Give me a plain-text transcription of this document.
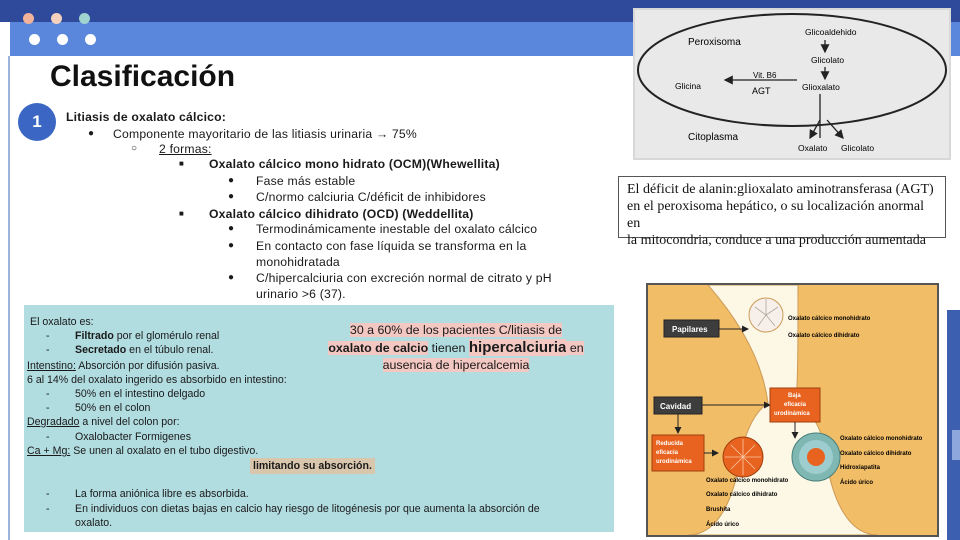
Clasificación
1	Litiasis de oxalato cálcico:
● Componente mayoritario de las litiasis urinaria → 75%
○ 2 formas:
■ Oxalato cálcico mono hidrato (OCM)(Whewellita)
● Fase más estable
● C/normo calciuria C/déficit de inhibidores
■ Oxalato cálcico dihidrato (OCD) (Weddellita)
● Termodinámicamente inestable del oxalato cálcico
● En contacto con fase líquida se transforma en la
monohidratada
● C/hipercalciuria con excreción normal de citrato y pH
urinario >6 (37).
El oxalato es:
- Filtrado por el glomérulo renal
- Secretado en el túbulo renal.
Intenstino: Absorción por difusión pasiva.
6 al 14% del oxalato ingerido es absorbido en intestino:
- 50% en el intestino delgado
- 50% en el colon
Degradado a nivel del colon por:
- Oxalobacter Formigenes
Ca + Mg: Se unen al oxalato en el tubo digestivo.
limitando su absorción.
- La forma aniónica libre es absorbida.
- En individuos con dietas bajas en calcio hay riesgo de litogénesis por que aumenta la absorción de
oxalato.
30 a 60% de los pacientes C/litiasis de
oxalato de calcio tienen hipercalciuria en
ausencia de hipercalcemia
Peroxisoma
Glicoaldehido
Glicolato
Glioxalato
Glicina
Vit. B6
AGT
Citoplasma
Oxalato Glicolato
El déficit de alanin:glioxalato aminotransferasa (AGT)
en el peroxisoma hepático, o su localización anormal en
la mitocondria, conduce a una producción aumentada
Oxalato cálcico monohidrato
Oxalato cálcico dihidrato
Papilares
Cavidad
Baja
eficacia
urodinámica
Reducida
eficacia
urodinámica
Oxalato cálcico monohidrato
Oxalato cálcico dihidrato
Hidroxiapatita
Ácido úrico
Oxalato cálcico monohidrato
Oxalato cálcico dihidrato
Brushita
Ácido úrico
